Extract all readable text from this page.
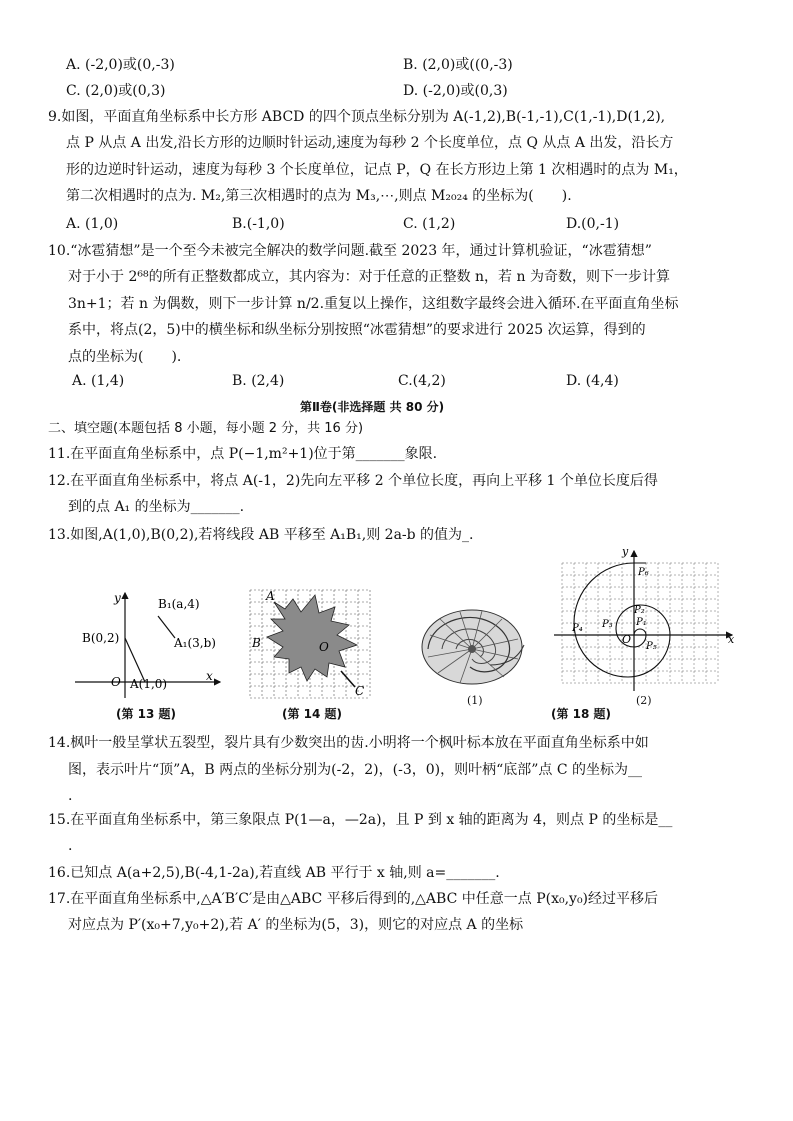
A. (-2,0)或(0,-3)	B. (2,0)或((0,-3)
C. (2,0)或(0,3)	D. (-2,0)或(0,3)
9.如图，平面直角坐标系中长方形 ABCD 的四个顶点坐标分别为 A(-1,2),B(-1,-1),C(1,-1),D(1,2),
点 P 从点 A 出发,沿长方形的边顺时针运动,速度为每秒 2 个长度单位，点 Q 从点 A 出发，沿长方
形的边逆时针运动，速度为每秒 3 个长度单位，记点 P，Q 在长方形边上第 1 次相遇时的点为 M₁，
第二次相遇时的点为. M₂,第三次相遇时的点为 M₃,⋯,则点 M₂₀₂₄ 的坐标为(　　).
A. (1,0)	B.(-1,0)	C. (1,2)	D.(0,-1)
10.“冰雹猜想”是一个至今未被完全解决的数学问题.截至 2023 年，通过计算机验证，“冰雹猜想”
对于小于 2⁶⁸的所有正整数都成立，其内容为：对于任意的正整数 n，若 n 为奇数，则下一步计算
3n+1；若 n 为偶数，则下一步计算 n/2.重复以上操作，这组数字最终会进入循环.在平面直角坐标
系中，将点(2，5)中的横坐标和纵坐标分别按照“冰雹猜想”的要求进行 2025 次运算，得到的
点的坐标为(　　).
A. (1,4)	B. (2,4)	C.(4,2)	D. (4,4)
第Ⅱ卷(非选择题 共 80 分)
二、填空题(本题包括 8 小题，每小题 2 分，共 16 分)
11.在平面直角坐标系中，点 P(−1,m²+1)位于第_______象限.
12.在平面直角坐标系中，将点 A(-1，2)先向左平移 2 个单位长度，再向上平移 1 个单位长度后得
到的点 A₁ 的坐标为_______.
13.如图,A(1,0),B(0,2),若将线段 AB 平移至 A₁B₁,则 2a-b 的值为_.
y
x
O
B(0,2)
A(1,0)
B₁(a,4)
A₁(3,b)
(第 13 题)
A
B
C
O
(第 14 题)
(1)
y
x
O
P₁
P₂
P₃
P₄
P₅
P₆
(2)
(第 18 题)
14.枫叶一般呈掌状五裂型，裂片具有少数突出的齿.小明将一个枫叶标本放在平面直角坐标系中如
图，表示叶片“顶”A，B 两点的坐标分别为(-2，2)，(-3，0)，则叶柄“底部”点 C 的坐标为__
.
15.在平面直角坐标系中，第三象限点 P(1—a，—2a)，且 P 到 x 轴的距离为 4，则点 P 的坐标是__
.
16.已知点 A(a+2,5),B(-4,1-2a),若直线 AB 平行于 x 轴,则 a=_______.
17.在平面直角坐标系中,△A′B′C′是由△ABC 平移后得到的,△ABC 中任意一点 P(x₀,y₀)经过平移后
对应点为 P′(x₀+7,y₀+2),若 A′ 的坐标为(5，3)，则它的对应点 A 的坐标
